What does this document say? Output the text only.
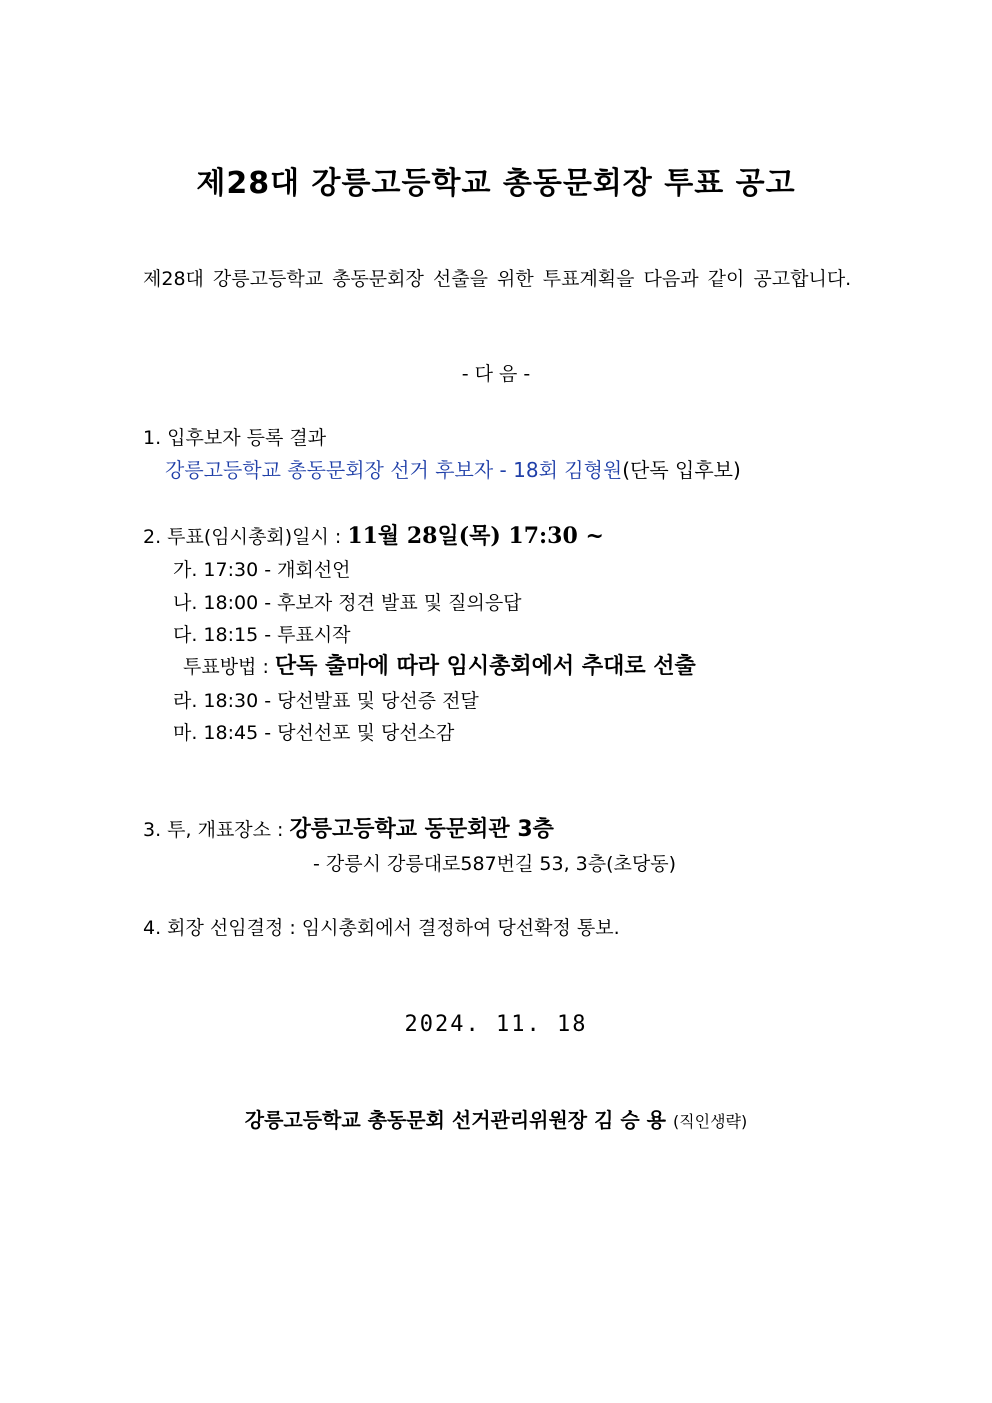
제28대 강릉고등학교 총동문회장 투표 공고
제28대 강릉고등학교 총동문회장 선출을 위한 투표계획을 다음과 같이 공고합니다.
- 다 음 -
1. 입후보자 등록 결과
강릉고등학교 총동문회장 선거 후보자 - 18회 김형원(단독 입후보)
2. 투표(임시총회)일시 : 11월 28일(목) 17:30 ~
가. 17:30 - 개회선언
나. 18:00 - 후보자 정견 발표 및 질의응답
다. 18:15 - 투표시작
투표방법 : 단독 출마에 따라 임시총회에서 추대로 선출
라. 18:30 - 당선발표 및 당선증 전달
마. 18:45 - 당선선포 및 당선소감
3. 투, 개표장소 : 강릉고등학교 동문회관 3층
- 강릉시 강릉대로587번길 53, 3층(초당동)
4. 회장 선임결정 : 임시총회에서 결정하여 당선확정 통보.
2024. 11. 18
강릉고등학교 총동문회 선거관리위원장 김 승 용 (직인생략)
